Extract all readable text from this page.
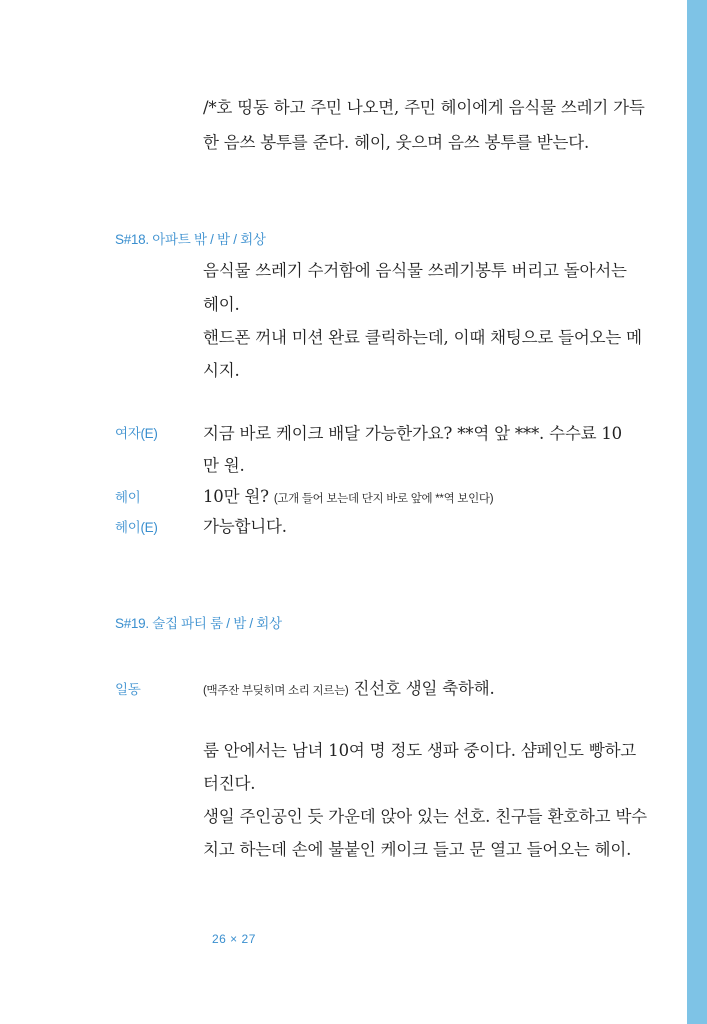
/*호 띵동 하고 주민 나오면, 주민 헤이에게 음식물 쓰레기 가득
한 음쓰 봉투를 준다. 헤이, 웃으며 음쓰 봉투를 받는다.
S#18. 아파트 밖 / 밤 / 회상
음식물 쓰레기 수거함에 음식물 쓰레기봉투 버리고 돌아서는
헤이.
핸드폰 꺼내 미션 완료 클릭하는데, 이때 채팅으로 들어오는 메
시지.
여자(E)	지금 바로 케이크 배달 가능한가요? **역 앞 ***. 수수료 10
만 원.
헤이	10만 원? (고개 들어 보는데 단지 바로 앞에 **역 보인다)
헤이(E)	가능합니다.
S#19. 술집 파티 룸 / 밤 / 회상
일동	(맥주잔 부딪히며 소리 지르는) 진선호 생일 축하해.
룸 안에서는 남녀 10여 명 정도 생파 중이다. 샴페인도 빵하고
터진다.
생일 주인공인 듯 가운데 앉아 있는 선호. 친구들 환호하고 박수
치고 하는데 손에 불붙인 케이크 들고 문 열고 들어오는 헤이.
26 × 27
